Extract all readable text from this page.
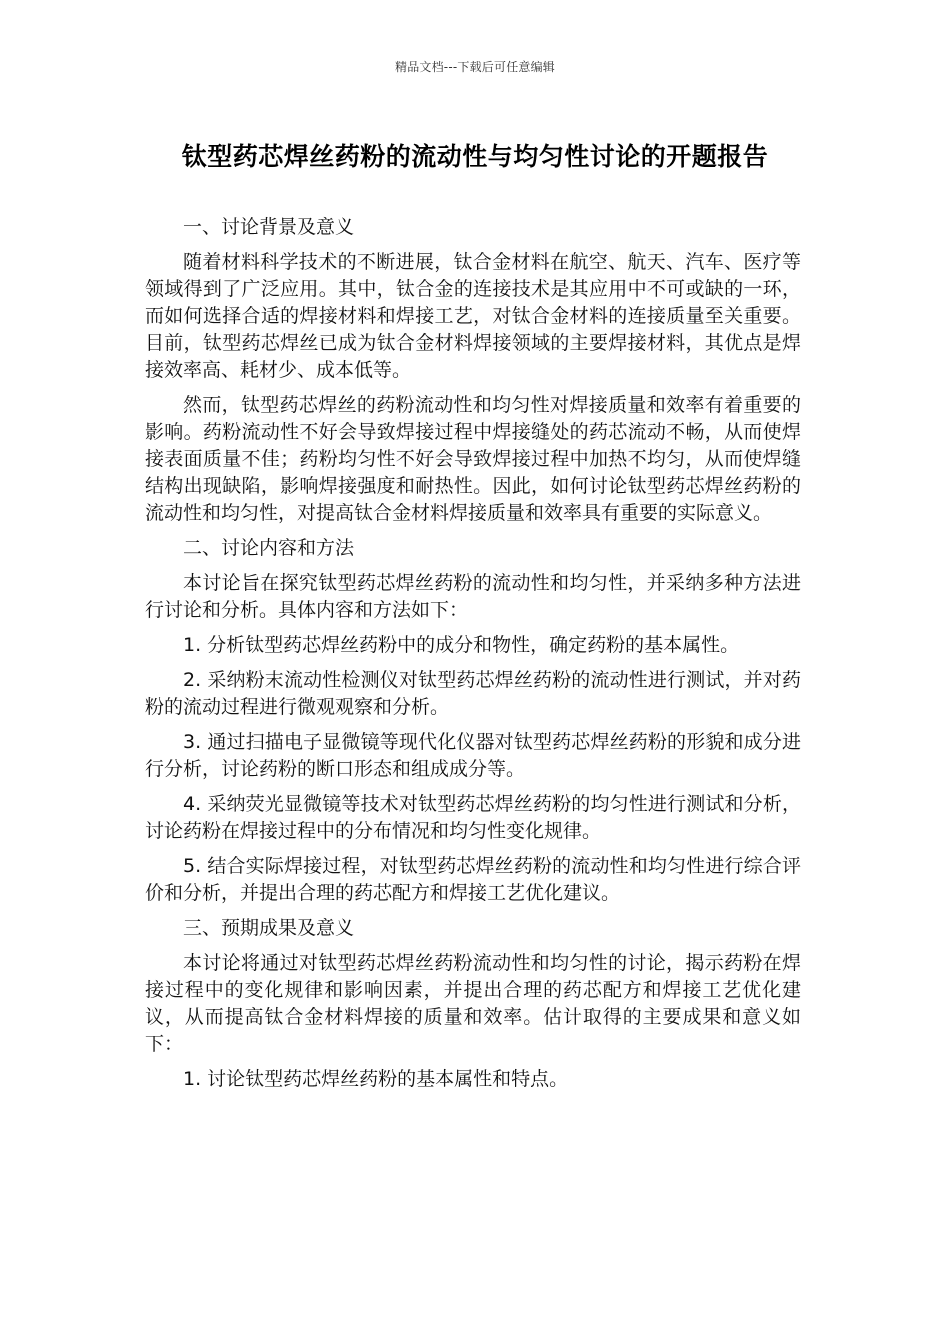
精品文档---下载后可任意编辑
钛型药芯焊丝药粉的流动性与均匀性讨论的开题报告
一、讨论背景及意义
随着材料科学技术的不断进展，钛合金材料在航空、航天、汽车、医疗等领域得到了广泛应用。其中，钛合金的连接技术是其应用中不可或缺的一环，而如何选择合适的焊接材料和焊接工艺，对钛合金材料的连接质量至关重要。目前，钛型药芯焊丝已成为钛合金材料焊接领域的主要焊接材料，其优点是焊接效率高、耗材少、成本低等。
然而，钛型药芯焊丝的药粉流动性和均匀性对焊接质量和效率有着重要的影响。药粉流动性不好会导致焊接过程中焊接缝处的药芯流动不畅，从而使焊接表面质量不佳；药粉均匀性不好会导致焊接过程中加热不均匀，从而使焊缝结构出现缺陷，影响焊接强度和耐热性。因此，如何讨论钛型药芯焊丝药粉的流动性和均匀性，对提高钛合金材料焊接质量和效率具有重要的实际意义。
二、讨论内容和方法
本讨论旨在探究钛型药芯焊丝药粉的流动性和均匀性，并采纳多种方法进行讨论和分析。具体内容和方法如下：
1. 分析钛型药芯焊丝药粉中的成分和物性，确定药粉的基本属性。
2. 采纳粉末流动性检测仪对钛型药芯焊丝药粉的流动性进行测试，并对药粉的流动过程进行微观观察和分析。
3. 通过扫描电子显微镜等现代化仪器对钛型药芯焊丝药粉的形貌和成分进行分析，讨论药粉的断口形态和组成成分等。
4. 采纳荧光显微镜等技术对钛型药芯焊丝药粉的均匀性进行测试和分析，讨论药粉在焊接过程中的分布情况和均匀性变化规律。
5. 结合实际焊接过程，对钛型药芯焊丝药粉的流动性和均匀性进行综合评价和分析，并提出合理的药芯配方和焊接工艺优化建议。
三、预期成果及意义
本讨论将通过对钛型药芯焊丝药粉流动性和均匀性的讨论，揭示药粉在焊接过程中的变化规律和影响因素，并提出合理的药芯配方和焊接工艺优化建议，从而提高钛合金材料焊接的质量和效率。估计取得的主要成果和意义如下：
1. 讨论钛型药芯焊丝药粉的基本属性和特点。
